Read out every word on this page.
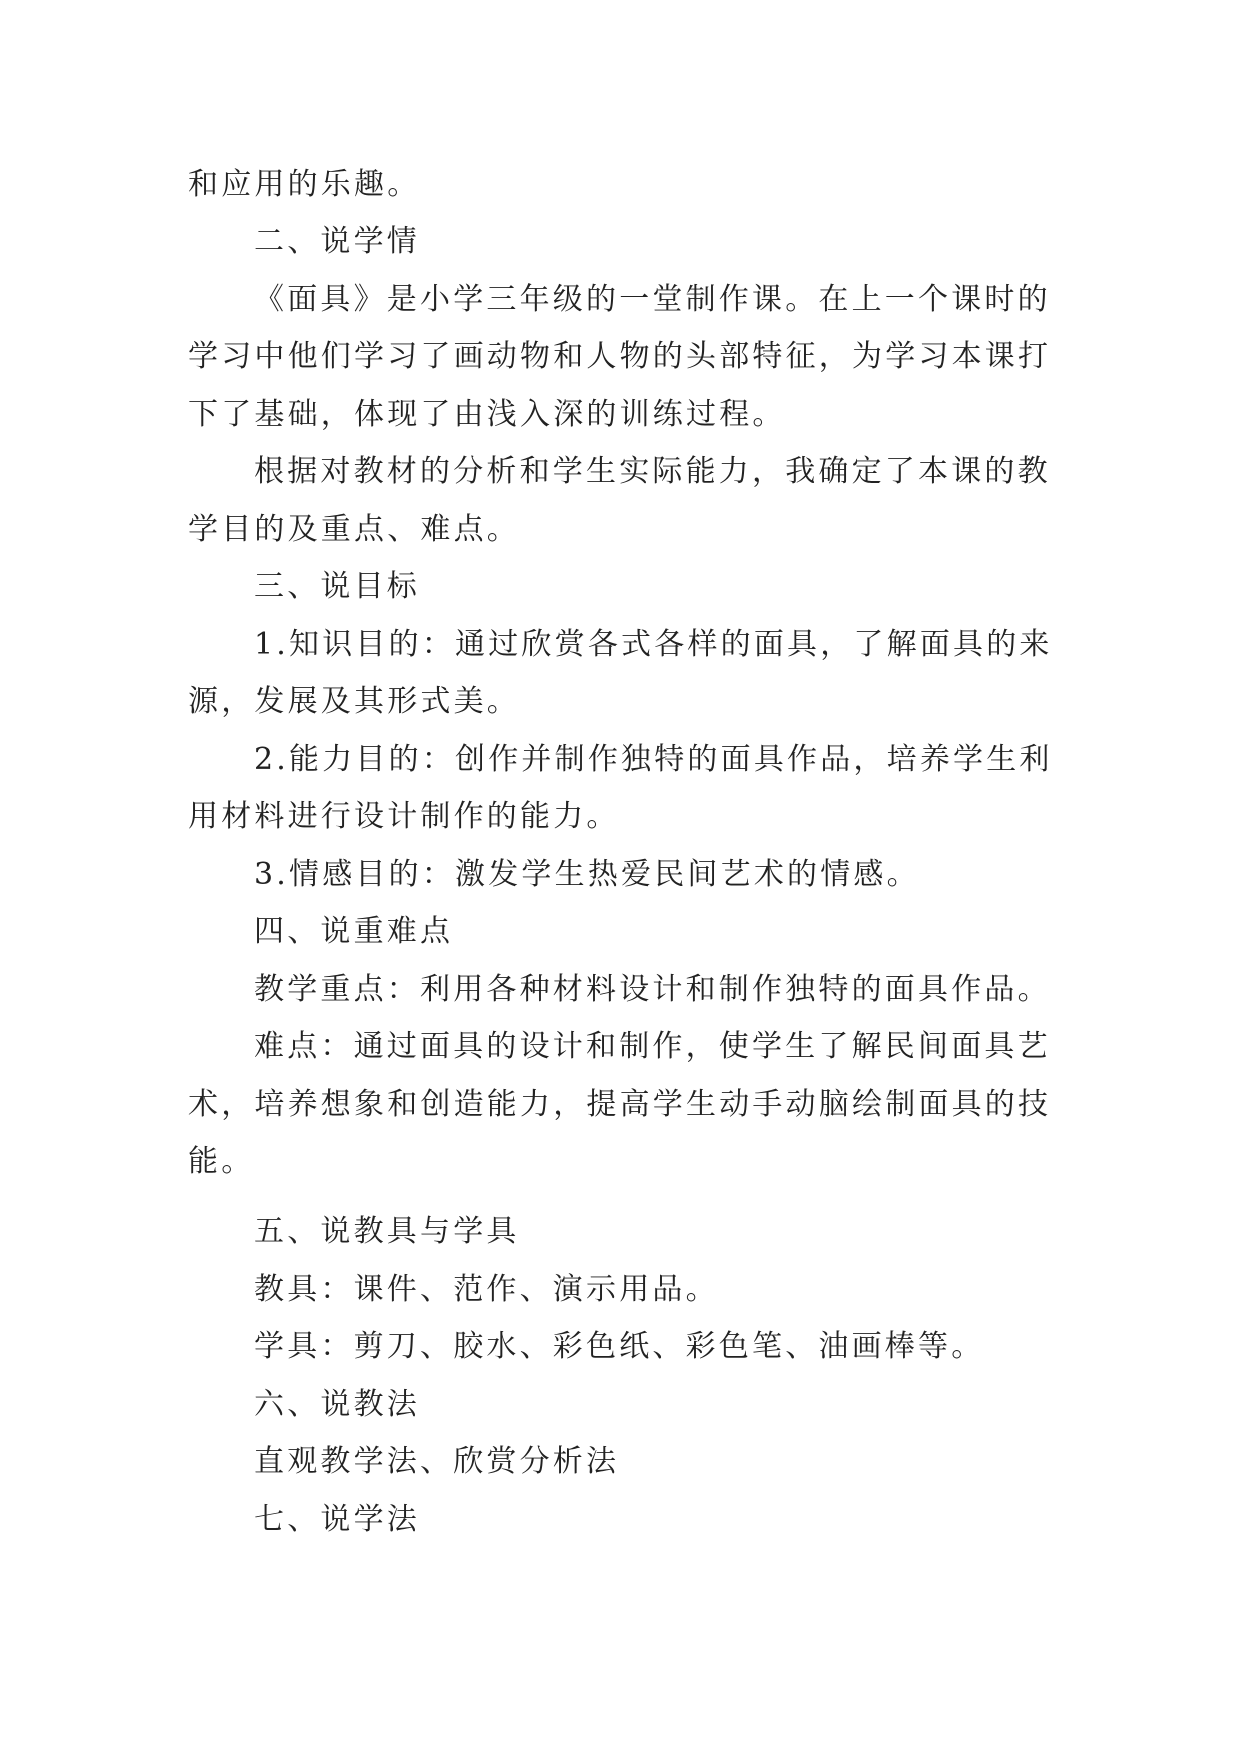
和应用的乐趣。
二、说学情
《面具》是小学三年级的一堂制作课。在上一个课时的
学习中他们学习了画动物和人物的头部特征，为学习本课打
下了基础，体现了由浅入深的训练过程。
根据对教材的分析和学生实际能力，我确定了本课的教
学目的及重点、难点。
三、说目标
1.知识目的：通过欣赏各式各样的面具，了解面具的来
源，发展及其形式美。
2.能力目的：创作并制作独特的面具作品，培养学生利
用材料进行设计制作的能力。
3.情感目的：激发学生热爱民间艺术的情感。
四、说重难点
教学重点：利用各种材料设计和制作独特的面具作品。
难点：通过面具的设计和制作，使学生了解民间面具艺
术，培养想象和创造能力，提高学生动手动脑绘制面具的技
能。
五、说教具与学具
教具：课件、范作、演示用品。
学具：剪刀、胶水、彩色纸、彩色笔、油画棒等。
六、说教法
直观教学法、欣赏分析法
七、说学法
